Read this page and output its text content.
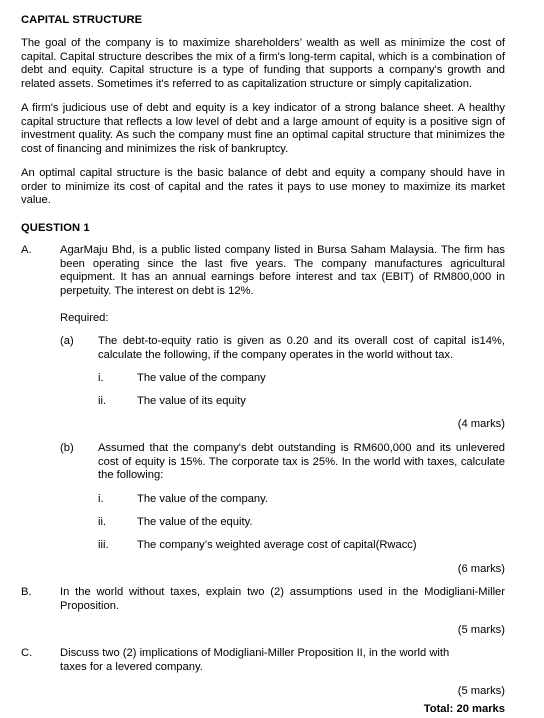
CAPITAL STRUCTURE
The goal of the company is to maximize shareholders’ wealth as well as minimize the cost of capital. Capital structure describes the mix of a firm's long-term capital, which is a combination of debt and equity. Capital structure is a type of funding that supports a company's growth and related assets. Sometimes it's referred to as capitalization structure or simply capitalization.
A firm's judicious use of debt and equity is a key indicator of a strong balance sheet. A healthy capital structure that reflects a low level of debt and a large amount of equity is a positive sign of investment quality. As such the company must fine an optimal capital structure that minimizes the cost of financing and minimizes the risk of bankruptcy.
An optimal capital structure is the basic balance of debt and equity a company should have in order to minimize its cost of capital and the rates it pays to use money to maximize its market value.
QUESTION 1
A.	AgarMaju Bhd, is a public listed company listed in Bursa Saham Malaysia. The firm has been operating since the last five years. The company manufactures agricultural equipment. It has an annual earnings before interest and tax (EBIT) of RM800,000 in perpetuity. The interest on debt is 12%.
Required:
(a) The debt-to-equity ratio is given as 0.20 and its overall cost of capital is14%, calculate the following, if the company operates in the world without tax.
i.	The value of the company
ii.	The value of its equity
(4 marks)
(b) Assumed that the company's debt outstanding is RM600,000 and its unlevered cost of equity is 15%. The corporate tax is 25%. In the world with taxes, calculate the following:
i.	The value of the company.
ii.	The value of the equity.
iii.	The company’s weighted average cost of capital(Rwacc)
(6 marks)
B.	In the world without taxes, explain two (2) assumptions used in the Modigliani-Miller Proposition.
(5 marks)
C. Discuss two (2) implications of Modigliani-Miller Proposition II, in the world with taxes for a levered company.
(5 marks)
Total: 20 marks
